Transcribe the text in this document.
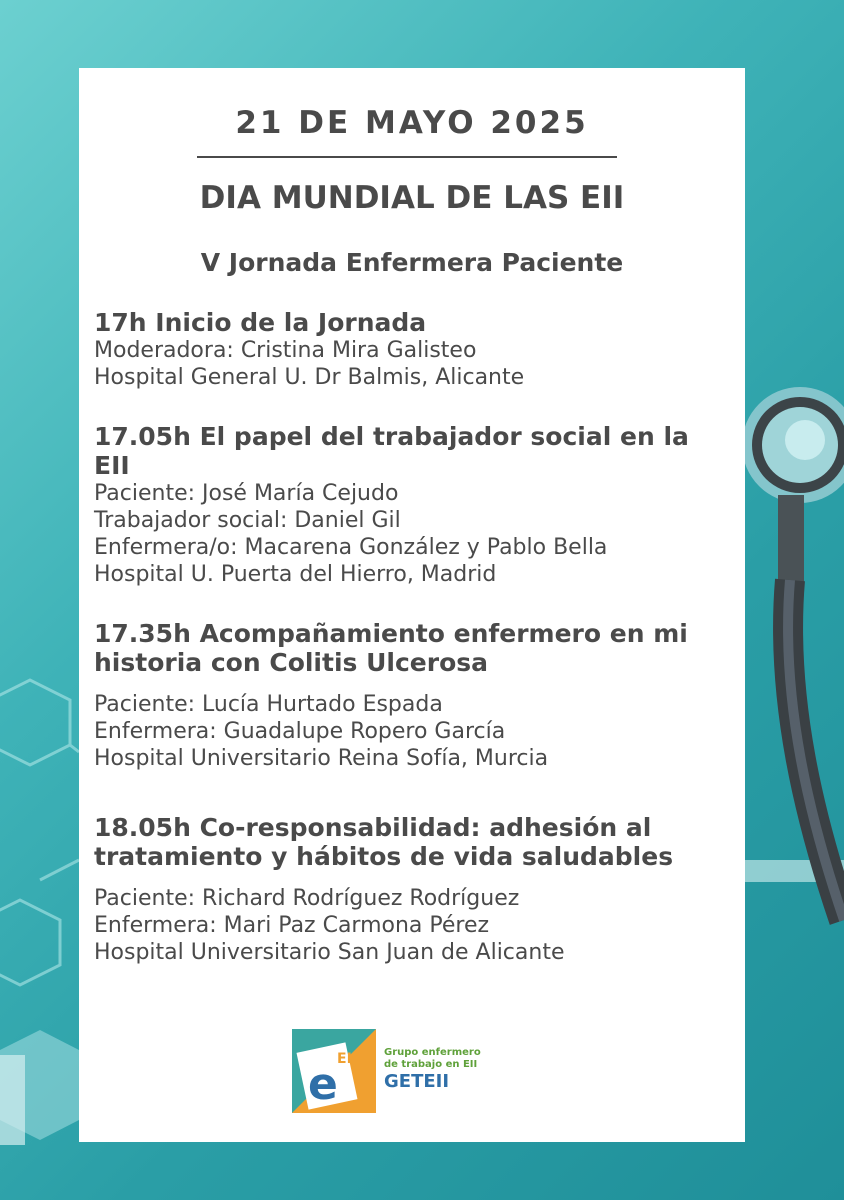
21 DE MAYO 2025
DIA MUNDIAL DE LAS EII
V Jornada Enfermera Paciente
17h Inicio de la Jornada

Moderadora: Cristina Mira Galisteo

Hospital General U. Dr Balmis, Alicante

17.05h El papel del trabajador social en la EII

Paciente: José María Cejudo

Trabajador social: Daniel Gil

Enfermera/o: Macarena González y Pablo Bella

Hospital U. Puerta del Hierro, Madrid

17.35h Acompañamiento enfermero en mi historia con Colitis Ulcerosa

Paciente: Lucía Hurtado Espada

Enfermera: Guadalupe Ropero García

Hospital Universitario Reina Sofía, Murcia

18.05h Co-responsabilidad: adhesión al tratamiento y hábitos de vida saludables

Paciente: Richard Rodríguez Rodríguez

Enfermera: Mari Paz Carmona Pérez

Hospital Universitario San Juan de Alicante

e EII	Grupo enfermero
de trabajo en EII
GETEII
